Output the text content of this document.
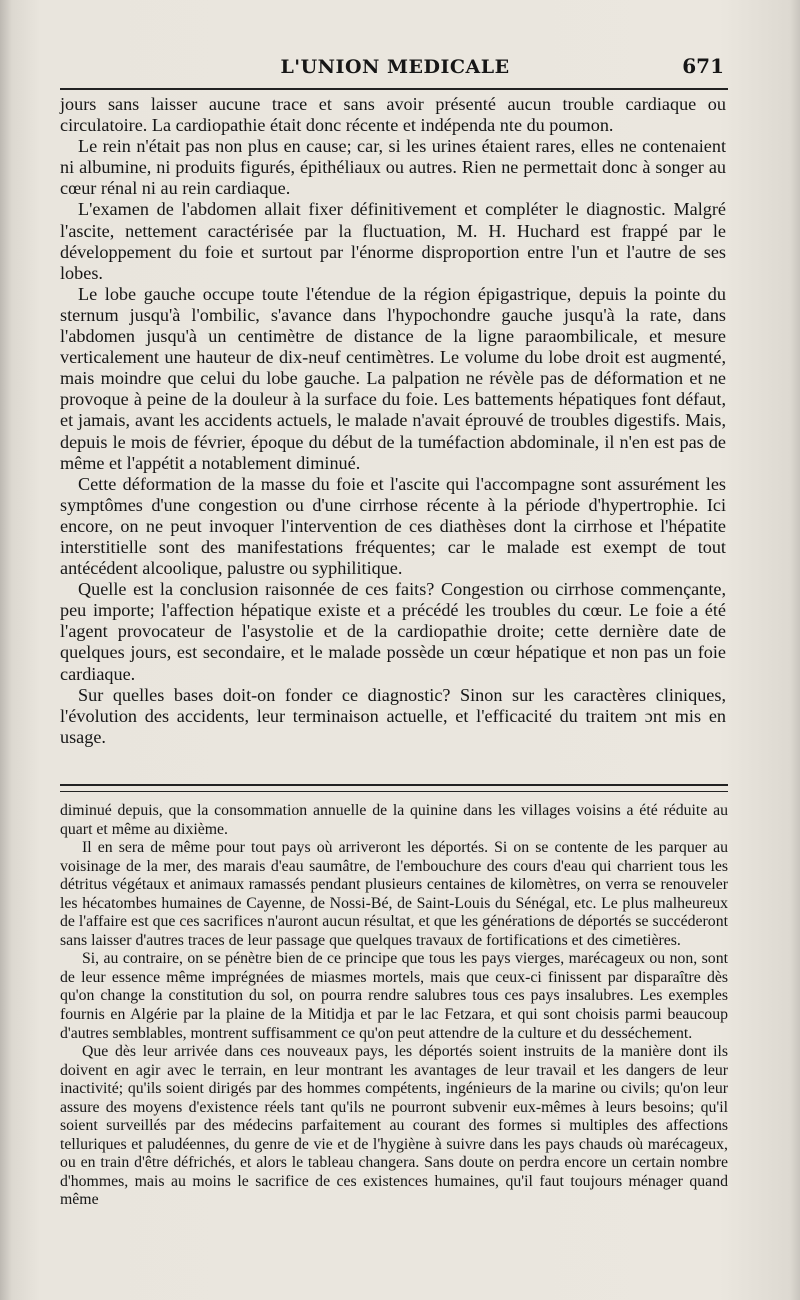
L'UNION MEDICALE	671

jours sans laisser aucune trace et sans avoir présenté aucun trouble cardiaque ou circulatoire. La cardiopathie était donc récente et indépenda nte du poumon.

Le rein n'était pas non plus en cause; car, si les urines étaient rares, elles ne contenaient ni albumine, ni produits figurés, épithéliaux ou autres. Rien ne permettait donc à songer au cœur rénal ni au rein cardiaque.

L'examen de l'abdomen allait fixer définitivement et compléter le diagnostic. Malgré l'ascite, nettement caractérisée par la fluctuation, M. H. Huchard est frappé par le développement du foie et surtout par l'énorme disproportion entre l'un et l'autre de ses lobes.

Le lobe gauche occupe toute l'étendue de la région épigastrique, depuis la pointe du sternum jusqu'à l'ombilic, s'avance dans l'hypochondre gauche jusqu'à la rate, dans l'abdomen jusqu'à un centimètre de distance de la ligne paraombilicale, et mesure verticalement une hauteur de dix-neuf centimètres. Le volume du lobe droit est augmenté, mais moindre que celui du lobe gauche. La palpation ne révèle pas de déformation et ne provoque à peine de la douleur à la surface du foie. Les battements hépatiques font défaut, et jamais, avant les accidents actuels, le malade n'avait éprouvé de troubles digestifs. Mais, depuis le mois de février, époque du début de la tuméfaction abdominale, il n'en est pas de même et l'appétit a notablement diminué.

Cette déformation de la masse du foie et l'ascite qui l'accompagne sont assurément les symptômes d'une congestion ou d'une cirrhose récente à la période d'hypertrophie. Ici encore, on ne peut invoquer l'intervention de ces diathèses dont la cirrhose et l'hépatite interstitielle sont des manifestations fréquentes; car le malade est exempt de tout antécédent alcoolique, palustre ou syphilitique.

Quelle est la conclusion raisonnée de ces faits? Congestion ou cirrhose commençante, peu importe; l'affection hépatique existe et a précédé les troubles du cœur. Le foie a été l'agent provocateur de l'asystolie et de la cardiopathie droite; cette dernière date de quelques jours, est secondaire, et le malade possède un cœur hépatique et non pas un foie cardiaque.

Sur quelles bases doit-on fonder ce diagnostic? Sinon sur les caractères cliniques, l'évolution des accidents, leur terminaison actuelle, et l'efficacité du traitem ɔnt mis en usage.

diminué depuis, que la consommation annuelle de la quinine dans les villages voisins a été réduite au quart et même au dixième.

Il en sera de même pour tout pays où arriveront les déportés. Si on se contente de les parquer au voisinage de la mer, des marais d'eau saumâtre, de l'embouchure des cours d'eau qui charrient tous les détritus végétaux et animaux ramassés pendant plusieurs centaines de kilomètres, on verra se renouveler les hécatombes humaines de Cayenne, de Nossi-Bé, de Saint-Louis du Sénégal, etc. Le plus malheureux de l'affaire est que ces sacrifices n'auront aucun résultat, et que les générations de déportés se succéderont sans laisser d'autres traces de leur passage que quelques travaux de fortifications et des cimetières.

Si, au contraire, on se pénètre bien de ce principe que tous les pays vierges, marécageux ou non, sont de leur essence même imprégnées de miasmes mortels, mais que ceux-ci finissent par disparaître dès qu'on change la constitution du sol, on pourra rendre salubres tous ces pays insalubres. Les exemples fournis en Algérie par la plaine de la Mitidja et par le lac Fetzara, et qui sont choisis parmi beaucoup d'autres semblables, montrent suffisamment ce qu'on peut attendre de la culture et du desséchement.

Que dès leur arrivée dans ces nouveaux pays, les déportés soient instruits de la manière dont ils doivent en agir avec le terrain, en leur montrant les avantages de leur travail et les dangers de leur inactivité; qu'ils soient dirigés par des hommes compétents, ingénieurs de la marine ou civils; qu'on leur assure des moyens d'existence réels tant qu'ils ne pourront subvenir eux-mêmes à leurs besoins; qu'il soient surveillés par des médecins parfaitement au courant des formes si multiples des affections telluriques et paludéennes, du genre de vie et de l'hygiène à suivre dans les pays chauds où marécageux, ou en train d'être défrichés, et alors le tableau changera. Sans doute on perdra encore un certain nombre d'hommes, mais au moins le sacrifice de ces existences humaines, qu'il faut toujours ménager quand même
